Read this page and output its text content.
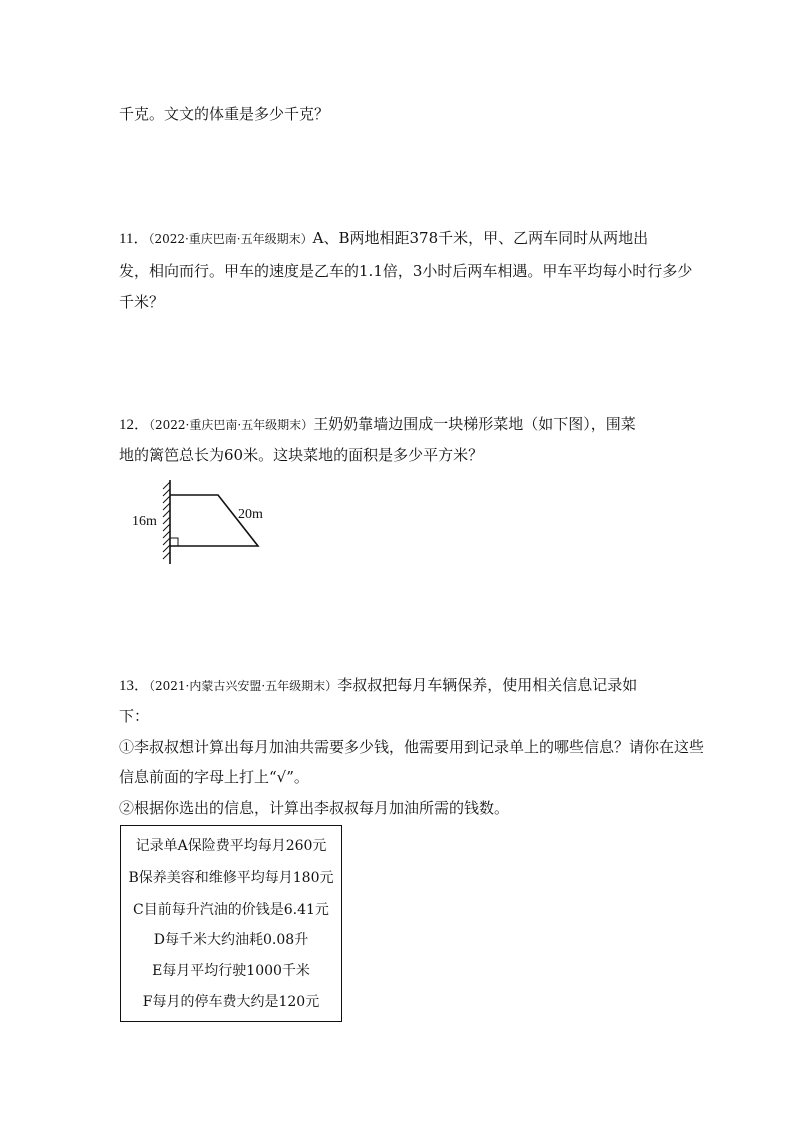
千克。文文的体重是多少千克？
11．（2022·重庆巴南·五年级期末）A、B两地相距378千米，甲、乙两车同时从两地出
发，相向而行。甲车的速度是乙车的1.1倍，3小时后两车相遇。甲车平均每小时行多少
千米？
12．（2022·重庆巴南·五年级期末）王奶奶靠墙边围成一块梯形菜地（如下图），围菜
地的篱笆总长为60米。这块菜地的面积是多少平方米？
16m	20m
13．（2021·内蒙古兴安盟·五年级期末）李叔叔把每月车辆保养，使用相关信息记录如
下：
①李叔叔想计算出每月加油共需要多少钱，他需要用到记录单上的哪些信息？请你在这些
信息前面的字母上打上“√”。
②根据你选出的信息，计算出李叔叔每月加油所需的钱数。
记录单A保险费平均每月260元
B保养美容和维修平均每月180元
C目前每升汽油的价钱是6.41元
D每千米大约油耗0.08升
E每月平均行驶1000千米
F每月的停车费大约是120元
